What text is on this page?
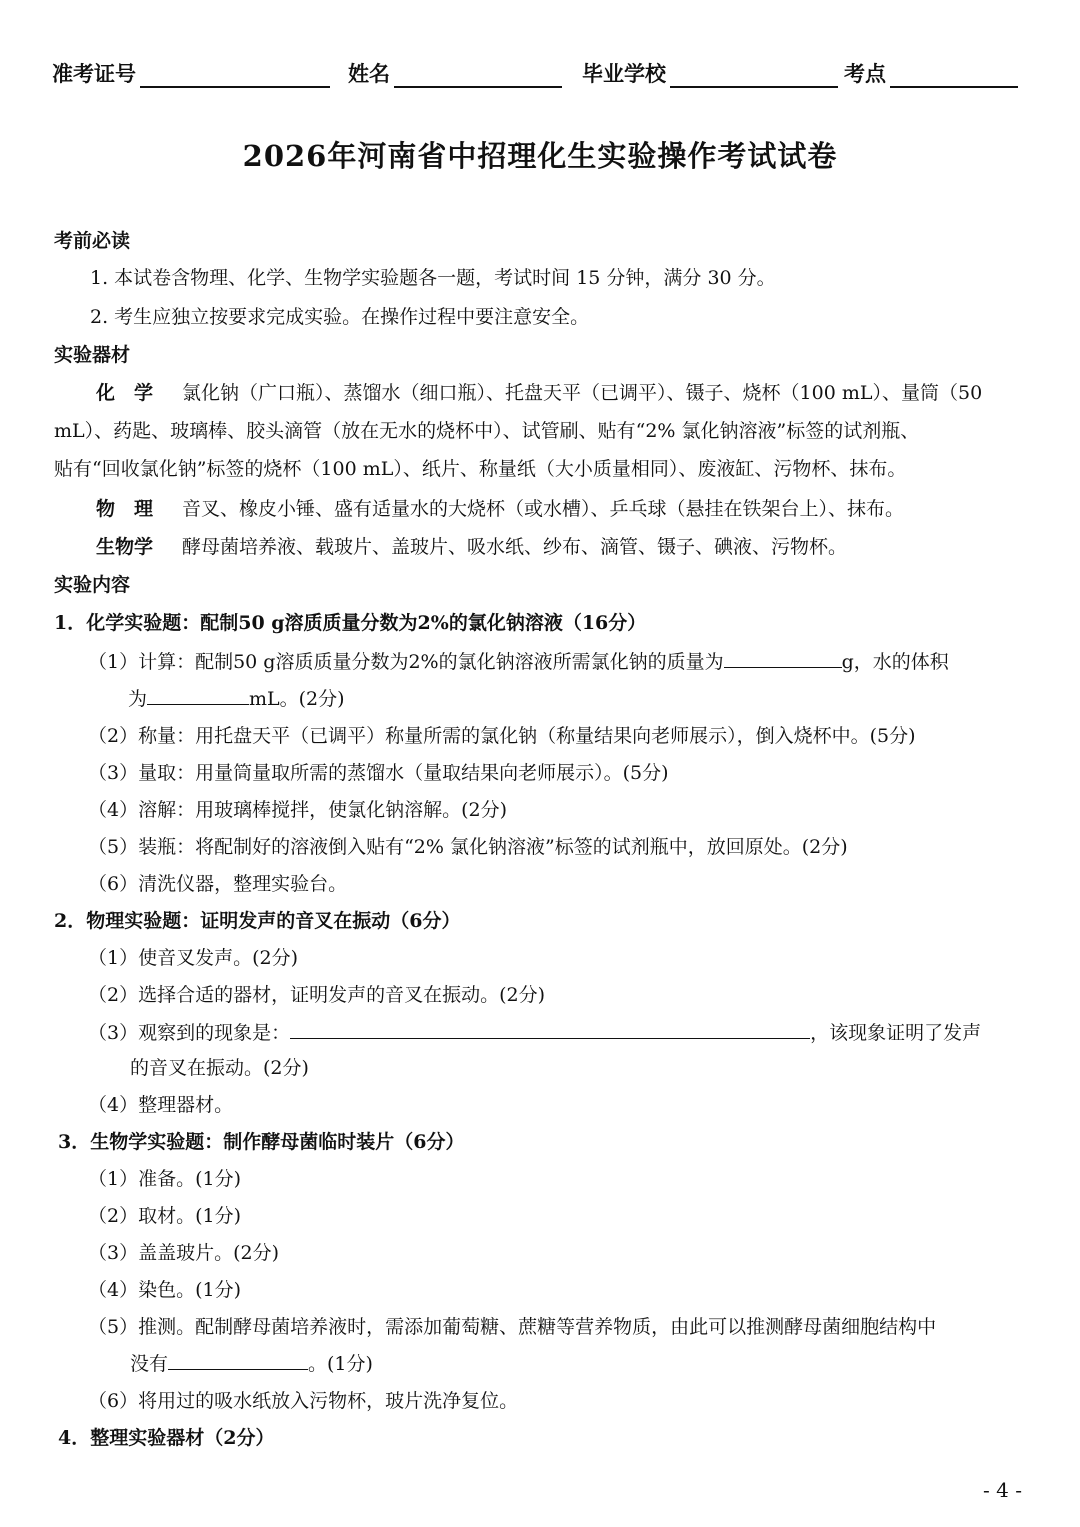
准考证号	姓名	毕业学校	考点
2026年河南省中招理化生实验操作考试试卷
考前必读
1. 本试卷含物理、化学、生物学实验题各一题，考试时间 15 分钟，满分 30 分。
2. 考生应独立按要求完成实验。在操作过程中要注意安全。
实验器材
化　学 氯化钠（广口瓶）、蒸馏水（细口瓶）、托盘天平（已调平）、镊子、烧杯（100 mL）、量筒（50
mL）、药匙、玻璃棒、胶头滴管（放在无水的烧杯中）、试管刷、贴有“2% 氯化钠溶液”标签的试剂瓶、
贴有“回收氯化钠”标签的烧杯（100 mL）、纸片、称量纸（大小质量相同）、废液缸、污物杯、抹布。
物　理 音叉、橡皮小锤、盛有适量水的大烧杯（或水槽）、乒乓球（悬挂在铁架台上）、抹布。
生物学 酵母菌培养液、载玻片、盖玻片、吸水纸、纱布、滴管、镊子、碘液、污物杯。
实验内容
1．化学实验题：配制50 g溶质质量分数为2%的氯化钠溶液（16分）
（1）计算：配制50 g溶质质量分数为2%的氯化钠溶液所需氯化钠的质量为	g，水的体积
为	mL。(2分)
（2）称量：用托盘天平（已调平）称量所需的氯化钠（称量结果向老师展示），倒入烧杯中。(5分)
（3）量取：用量筒量取所需的蒸馏水（量取结果向老师展示）。(5分)
（4）溶解：用玻璃棒搅拌，使氯化钠溶解。(2分)
（5）装瓶：将配制好的溶液倒入贴有“2% 氯化钠溶液”标签的试剂瓶中，放回原处。(2分)
（6）清洗仪器，整理实验台。
2．物理实验题：证明发声的音叉在振动（6分）
（1）使音叉发声。(2分)
（2）选择合适的器材，证明发声的音叉在振动。(2分)
（3）观察到的现象是：	，该现象证明了发声
的音叉在振动。(2分)
（4）整理器材。
3．生物学实验题：制作酵母菌临时装片（6分）
（1）准备。(1分)
（2）取材。(1分)
（3）盖盖玻片。(2分)
（4）染色。(1分)
（5）推测。配制酵母菌培养液时，需添加葡萄糖、蔗糖等营养物质，由此可以推测酵母菌细胞结构中
没有	。(1分)
（6）将用过的吸水纸放入污物杯，玻片洗净复位。
4．整理实验器材（2分）
- 4 -
